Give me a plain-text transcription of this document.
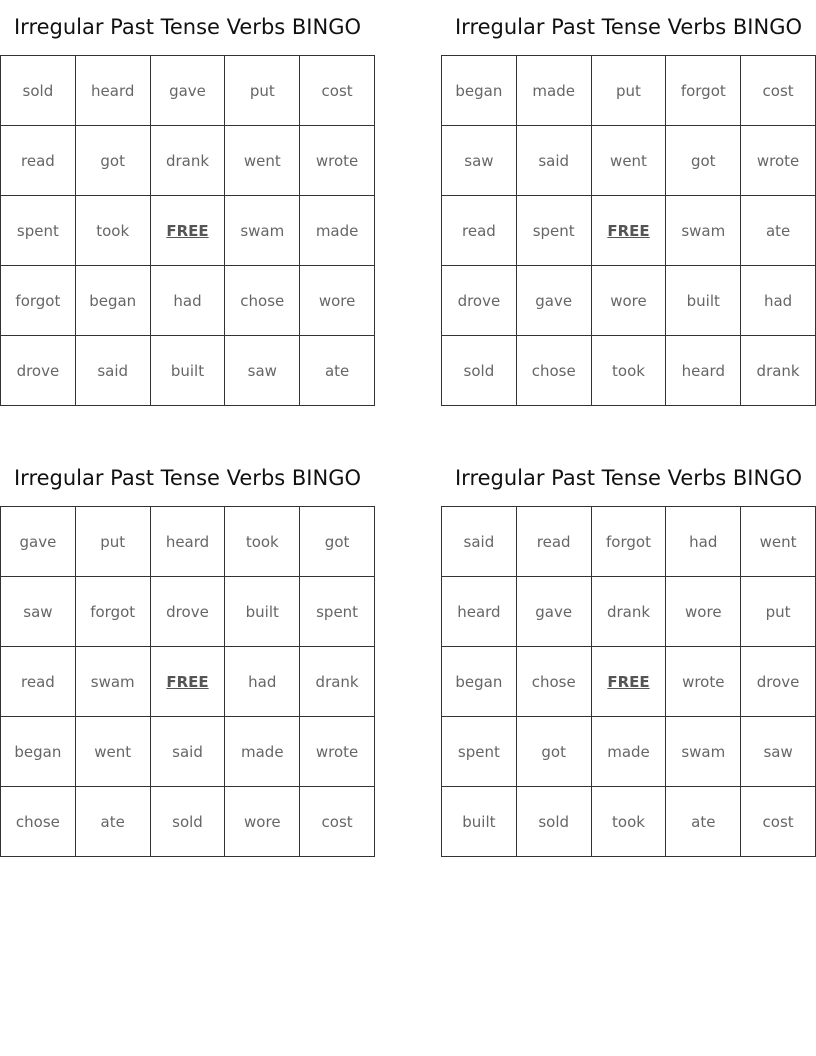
Irregular Past Tense Verbs BINGO
sold	heard	gave	put	cost
read	got	drank	went	wrote
spent	took	FREE	swam	made
forgot	began	had	chose	wore
drove	said	built	saw	ate
Irregular Past Tense Verbs BINGO
began	made	put	forgot	cost
saw	said	went	got	wrote
read	spent	FREE	swam	ate
drove	gave	wore	built	had
sold	chose	took	heard	drank
Irregular Past Tense Verbs BINGO
gave	put	heard	took	got
saw	forgot	drove	built	spent
read	swam	FREE	had	drank
began	went	said	made	wrote
chose	ate	sold	wore	cost
Irregular Past Tense Verbs BINGO
said	read	forgot	had	went
heard	gave	drank	wore	put
began	chose	FREE	wrote	drove
spent	got	made	swam	saw
built	sold	took	ate	cost
